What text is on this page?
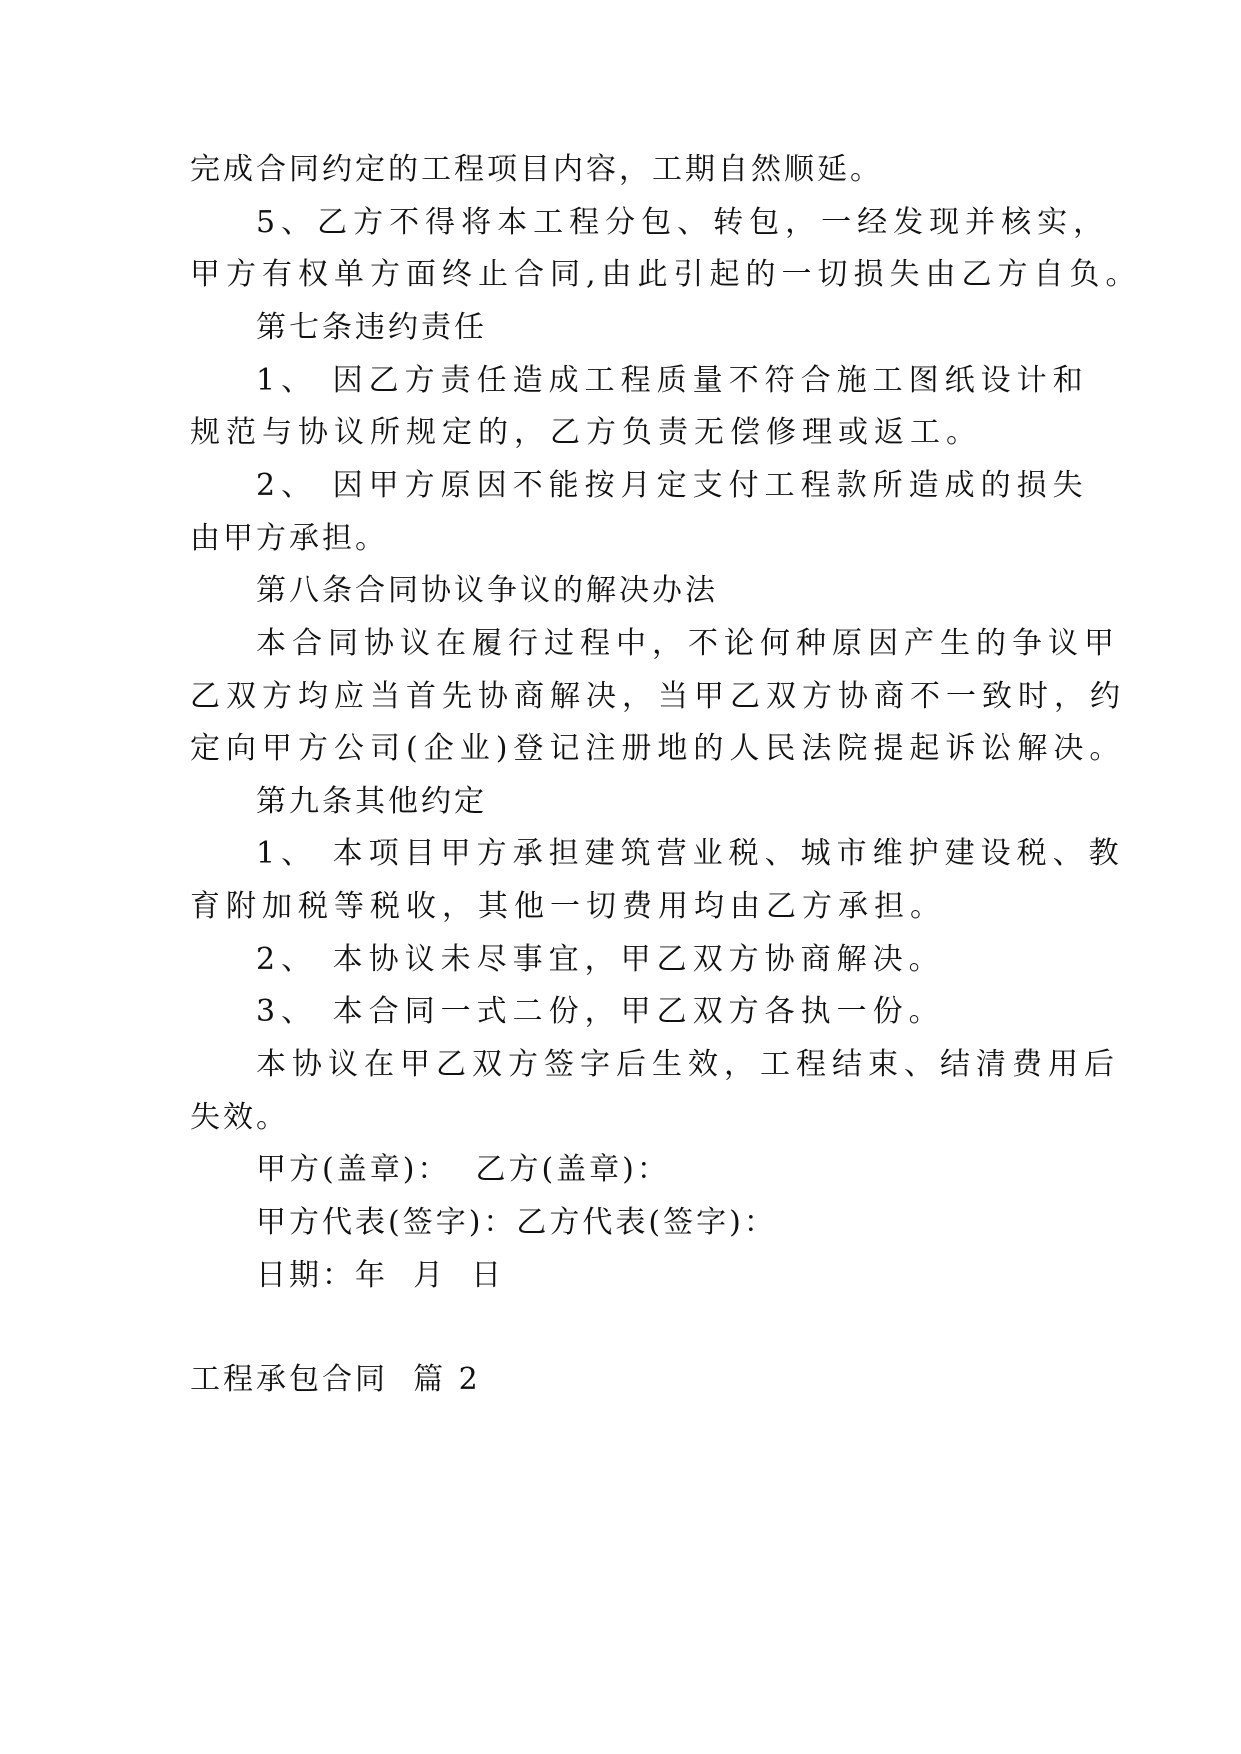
完成合同约定的工程项目内容，工期自然顺延。
5、乙方不得将本工程分包、转包，一经发现并核实，
甲方有权单方面终止合同,由此引起的一切损失由乙方自负。
第七条违约责任
1、 因乙方责任造成工程质量不符合施工图纸设计和
规范与协议所规定的，乙方负责无偿修理或返工。
2、 因甲方原因不能按月定支付工程款所造成的损失
由甲方承担。
第八条合同协议争议的解决办法
本合同协议在履行过程中，不论何种原因产生的争议甲
乙双方均应当首先协商解决，当甲乙双方协商不一致时，约
定向甲方公司(企业)登记注册地的人民法院提起诉讼解决。
第九条其他约定
1、 本项目甲方承担建筑营业税、城市维护建设税、教
育附加税等税收，其他一切费用均由乙方承担。
2、 本协议未尽事宜，甲乙双方协商解决。
3、 本合同一式二份，甲乙双方各执一份。
本协议在甲乙双方签字后生效，工程结束、结清费用后
失效。
甲方(盖章)：  乙方(盖章)：
甲方代表(签字)：乙方代表(签字)：
日期：年  月  日
工程承包合同  篇 2
